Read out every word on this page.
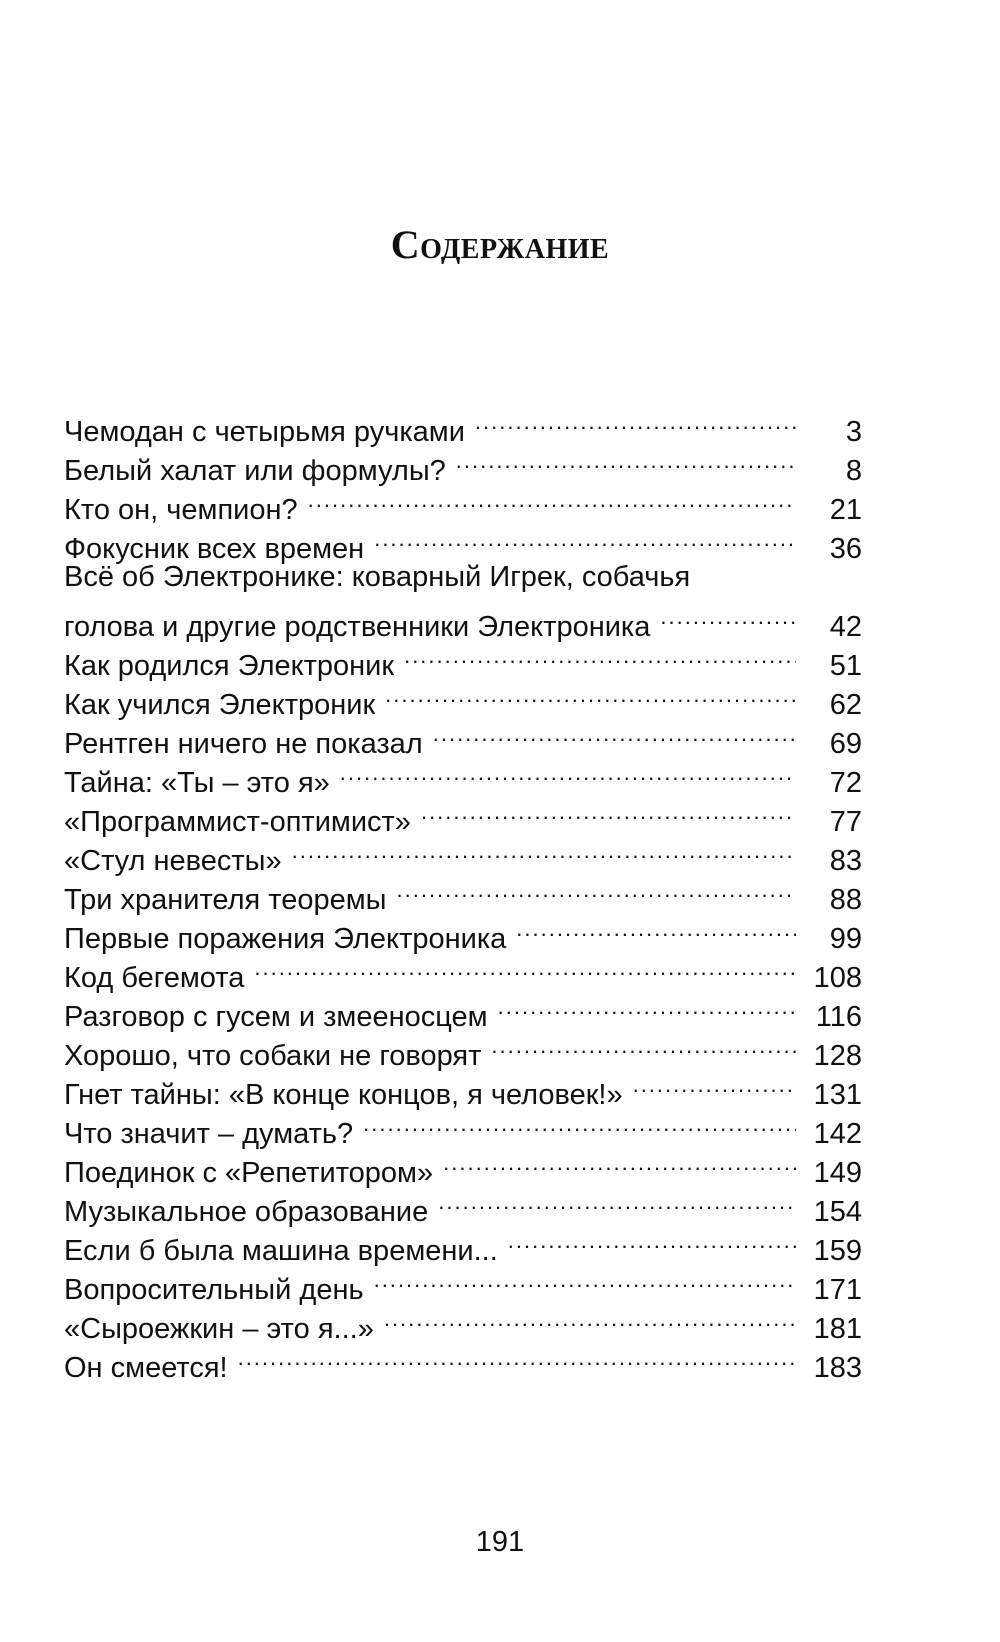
Содержание
Чемодан с четырьмя ручками .....	3
Белый халат или формулы? .....	8
Кто он, чемпион? .....	21
Фокусник всех времен .....	36
Всё об Электронике: коварный Игрек, собачья
голова и другие родственники Электроника .....	42
Как родился Электроник .....	51
Как учился Электроник .....	62
Рентген ничего не показал .....	69
Тайна: «Ты – это я» .....	72
«Программист-оптимист» .....	77
«Стул невесты» .....	83
Три хранителя теоремы .....	88
Первые поражения Электроника .....	99
Код бегемота .....	108
Разговор с гусем и змееносцем .....	116
Хорошо, что собаки не говорят .....	128
Гнет тайны: «В конце концов, я человек!» .....	131
Что значит – думать? .....	142
Поединок с «Репетитором» .....	149
Музыкальное образование .....	154
Если б была машина времени... .....	159
Вопросительный день .....	171
«Сыроежкин – это я...» .....	181
Он смеется! .....	183
191
